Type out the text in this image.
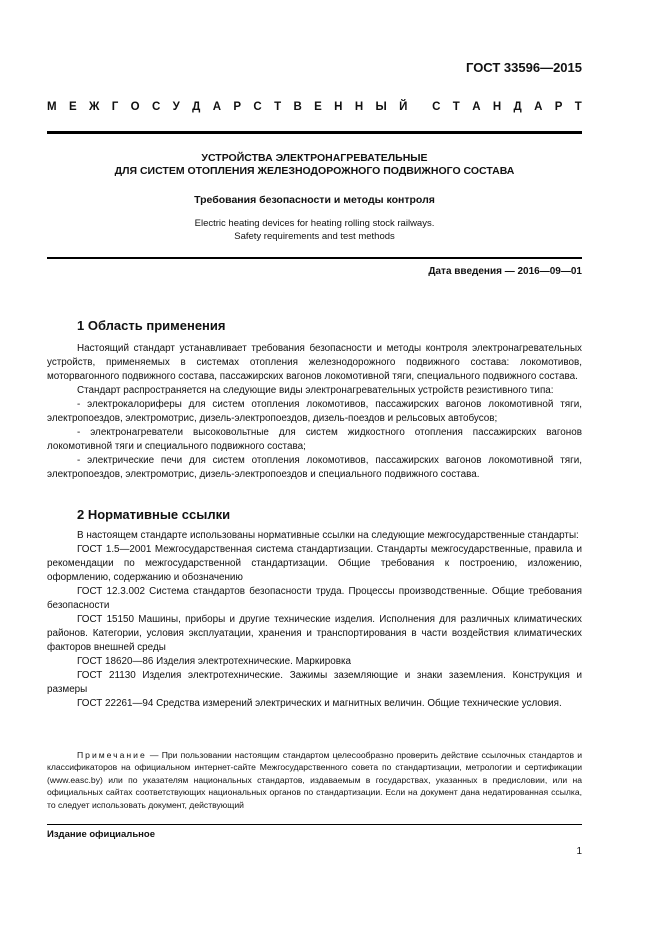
ГОСТ 33596—2015
М Е Ж Г О С У Д А Р С Т В Е Н Н Ы Й С Т А Н Д А Р Т
УСТРОЙСТВА ЭЛЕКТРОНАГРЕВАТЕЛЬНЫЕ
ДЛЯ СИСТЕМ ОТОПЛЕНИЯ ЖЕЛЕЗНОДОРОЖНОГО ПОДВИЖНОГО СОСТАВА
Требования безопасности и методы контроля
Electric heating devices for heating rolling stock railways.
Safety requirements and test methods
Дата введения — 2016—09—01
1 Область применения

Настоящий стандарт устанавливает требования безопасности и методы контроля электронагревательных устройств, применяемых в системах отопления железнодорожного подвижного состава: локомотивов, моторвагонного подвижного состава, пассажирских вагонов локомотивной тяги, специального подвижного состава.

Стандарт распространяется на следующие виды электронагревательных устройств резистивного типа:

- электрокалориферы для систем отопления локомотивов, пассажирских вагонов локомотивной тяги, электропоездов, электромотрис, дизель-электропоездов, дизель-поездов и рельсовых автобусов;

- электронагреватели высоковольтные для систем жидкостного отопления пассажирских вагонов локомотивной тяги и специального подвижного состава;

- электрические печи для систем отопления локомотивов, пассажирских вагонов локомотивной тяги, электропоездов, электромотрис, дизель-электропоездов и специального подвижного состава.

2 Нормативные ссылки

В настоящем стандарте использованы нормативные ссылки на следующие межгосударственные стандарты:

ГОСТ 1.5—2001 Межгосударственная система стандартизации. Стандарты межгосударственные, правила и рекомендации по межгосударственной стандартизации. Общие требования к построению, изложению, оформлению, содержанию и обозначению

ГОСТ 12.3.002 Система стандартов безопасности труда. Процессы производственные. Общие требования безопасности

ГОСТ 15150 Машины, приборы и другие технические изделия. Исполнения для различных климатических районов. Категории, условия эксплуатации, хранения и транспортирования в части воздействия климатических факторов внешней среды

ГОСТ 18620—86 Изделия электротехнические. Маркировка

ГОСТ 21130 Изделия электротехнические. Зажимы заземляющие и знаки заземления. Конструкция и размеры

ГОСТ 22261—94 Средства измерений электрических и магнитных величин. Общие технические условия.

Примечание — При пользовании настоящим стандартом целесообразно проверить действие ссылочных стандартов и классификаторов на официальном интернет-сайте Межгосударственного совета по стандартизации, метрологии и сертификации (www.easc.by) или по указателям национальных стандартов, издаваемым в государствах, указанных в предисловии, или на официальных сайтах соответствующих национальных органов по стандартизации. Если на документ дана недатированная ссылка, то следует использовать документ, действующий
Издание официальное
1
